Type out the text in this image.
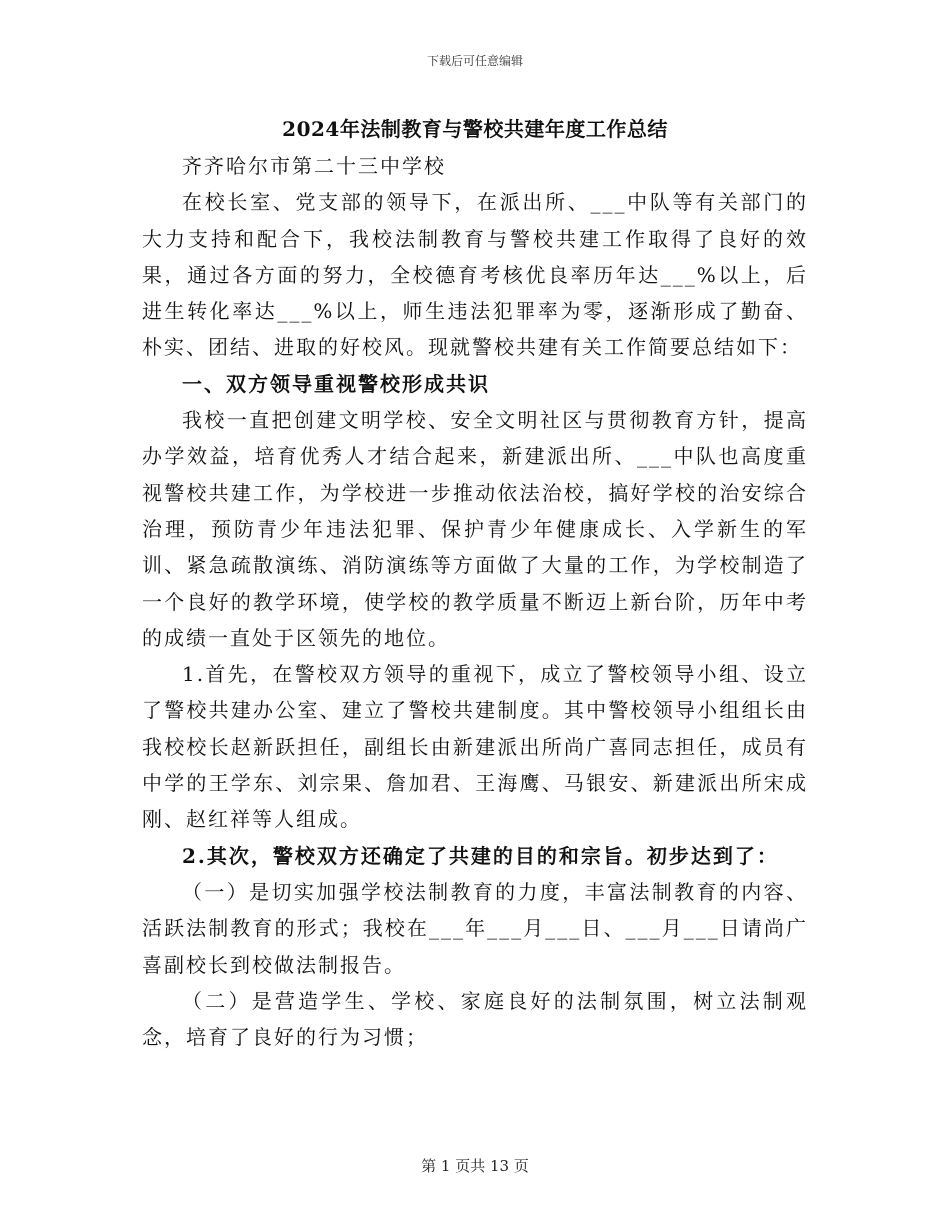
下载后可任意编辑
2024年法制教育与警校共建年度工作总结

齐齐哈尔市第二十三中学校

在校长室、党支部的领导下，在派出所、___中队等有关部门的大力支持和配合下，我校法制教育与警校共建工作取得了良好的效果，通过各方面的努力，全校德育考核优良率历年达___%以上，后进生转化率达___%以上，师生违法犯罪率为零，逐渐形成了勤奋、朴实、团结、进取的好校风。现就警校共建有关工作简要总结如下：

一、双方领导重视警校形成共识

我校一直把创建文明学校、安全文明社区与贯彻教育方针，提高办学效益，培育优秀人才结合起来，新建派出所、___中队也高度重视警校共建工作，为学校进一步推动依法治校，搞好学校的治安综合治理，预防青少年违法犯罪、保护青少年健康成长、入学新生的军训、紧急疏散演练、消防演练等方面做了大量的工作，为学校制造了一个良好的教学环境，使学校的教学质量不断迈上新台阶，历年中考的成绩一直处于区领先的地位。

1.首先，在警校双方领导的重视下，成立了警校领导小组、设立了警校共建办公室、建立了警校共建制度。其中警校领导小组组长由我校校长赵新跃担任，副组长由新建派出所尚广喜同志担任，成员有中学的王学东、刘宗果、詹加君、王海鹰、马银安、新建派出所宋成刚、赵红祥等人组成。

2.其次，警校双方还确定了共建的目的和宗旨。初步达到了：

（一）是切实加强学校法制教育的力度，丰富法制教育的内容、活跃法制教育的形式；我校在___年___月___日、___月___日请尚广喜副校长到校做法制报告。

（二）是营造学生、学校、家庭良好的法制氛围，树立法制观念，培育了良好的行为习惯；

第 1 页共 13 页
